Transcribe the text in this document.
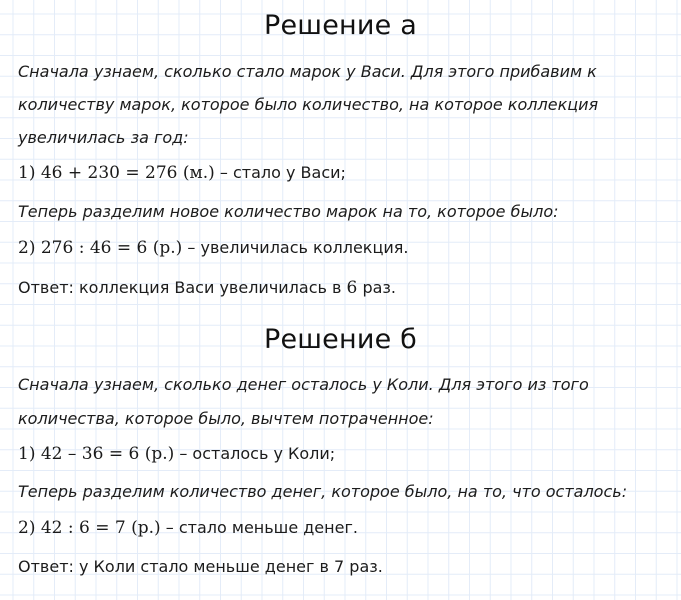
Решение а
Сначала узнаем, сколько стало марок у Васи. Для этого прибавим к
количеству марок, которое было количество, на которое коллекция
увеличилась за год:
1) 46 + 230 = 276 (м.) – стало у Васи;
Теперь разделим новое количество марок на то, которое было:
2) 276 : 46 = 6 (р.) – увеличилась коллекция.
Ответ: коллекция Васи увеличилась в 6 раз.
Решение б
Сначала узнаем, сколько денег осталось у Коли. Для этого из того
количества, которое было, вычтем потраченное:
1) 42 – 36 = 6 (р.) – осталось у Коли;
Теперь разделим количество денег, которое было, на то, что осталось:
2) 42 : 6 = 7 (р.) – стало меньше денег.
Ответ: у Коли стало меньше денег в 7 раз.
